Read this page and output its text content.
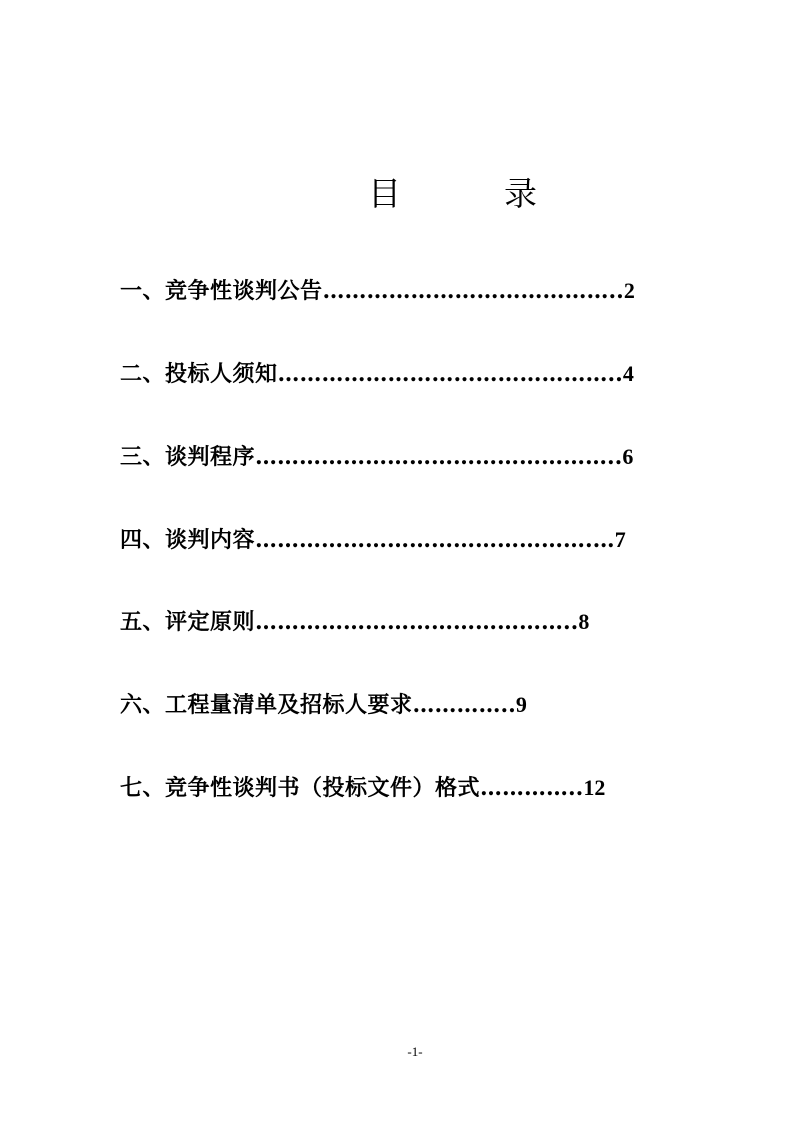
目	录
一、竞争性谈判公告…………………………………..2
二、投标人须知………………………………………..4
三、谈判程序…………………………………………..6
四、谈判内容……………………………………….…7
五、评定原则……………………………………..8
六、工程量清单及招标人要求…………..9
七、竞争性谈判书（投标文件）格式…………..12
-1-
